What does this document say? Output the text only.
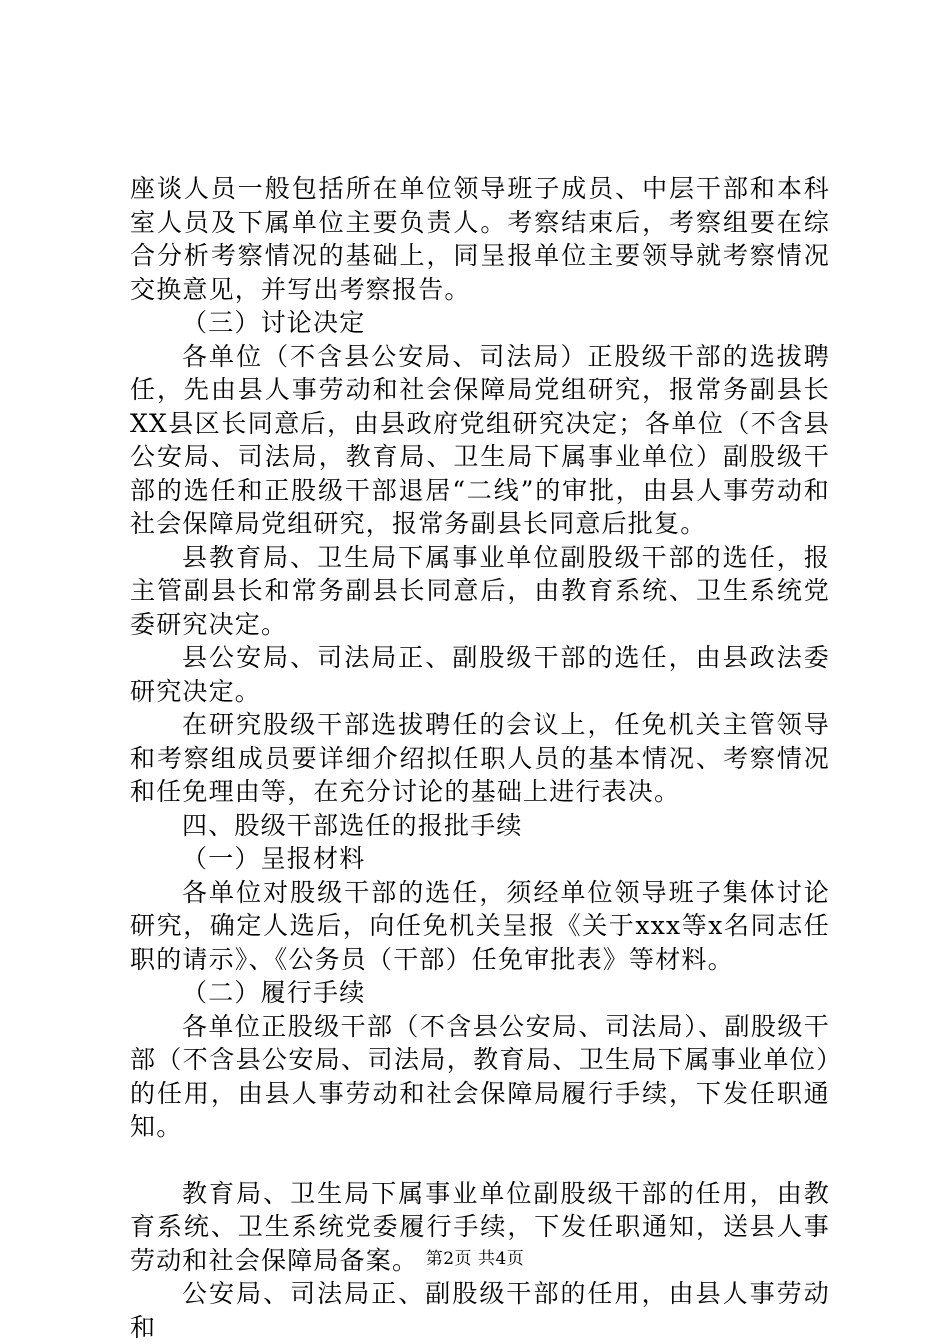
座谈人员一般包括所在单位领导班子成员、中层干部和本科室人员及下属单位主要负责人。考察结束后，考察组要在综合分析考察情况的基础上，同呈报单位主要领导就考察情况交换意见，并写出考察报告。

（三）讨论决定

各单位（不含县公安局、司法局）正股级干部的选拔聘任，先由县人事劳动和社会保障局党组研究，报常务副县长XX县区长同意后，由县政府党组研究决定；各单位（不含县公安局、司法局，教育局、卫生局下属事业单位）副股级干部的选任和正股级干部退居“二线”的审批，由县人事劳动和社会保障局党组研究，报常务副县长同意后批复。

县教育局、卫生局下属事业单位副股级干部的选任，报主管副县长和常务副县长同意后，由教育系统、卫生系统党委研究决定。

县公安局、司法局正、副股级干部的选任，由县政法委研究决定。

在研究股级干部选拔聘任的会议上，任免机关主管领导和考察组成员要详细介绍拟任职人员的基本情况、考察情况和任免理由等，在充分讨论的基础上进行表决。

四、股级干部选任的报批手续

（一）呈报材料

各单位对股级干部的选任，须经单位领导班子集体讨论研究，确定人选后，向任免机关呈报《关于xxx等x名同志任职的请示》、《公务员（干部）任免审批表》等材料。

（二）履行手续

各单位正股级干部（不含县公安局、司法局）、副股级干部（不含县公安局、司法局，教育局、卫生局下属事业单位）的任用，由县人事劳动和社会保障局履行手续，下发任职通知。

教育局、卫生局下属事业单位副股级干部的任用，由教育系统、卫生系统党委履行手续，下发任职通知，送县人事劳动和社会保障局备案。

公安局、司法局正、副股级干部的任用，由县人事劳动和

第2页 共4页
